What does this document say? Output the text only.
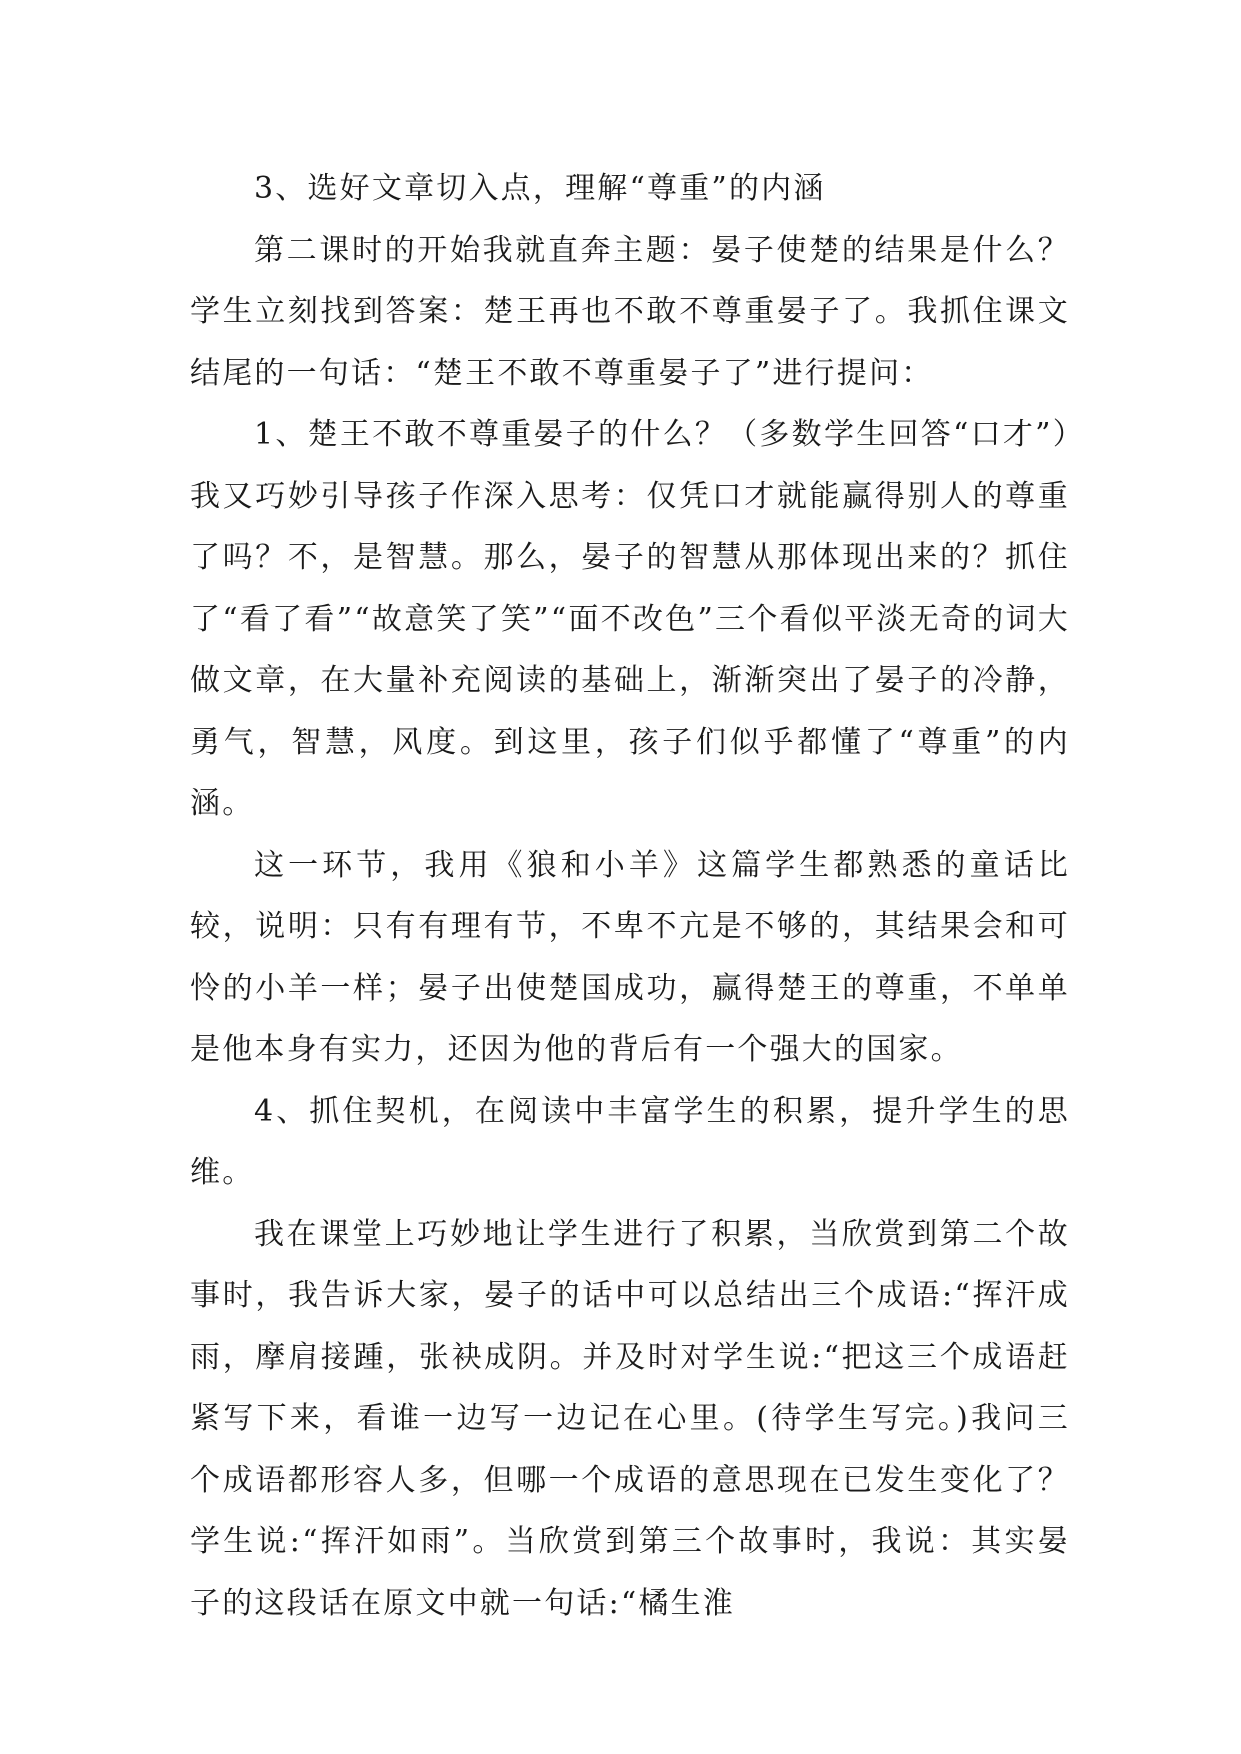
3、选好文章切入点，理解“尊重”的内涵

第二课时的开始我就直奔主题：晏子使楚的结果是什么？学生立刻找到答案：楚王再也不敢不尊重晏子了。我抓住课文结尾的一句话：“楚王不敢不尊重晏子了”进行提问：

1、楚王不敢不尊重晏子的什么？（多数学生回答“口才”）我又巧妙引导孩子作深入思考：仅凭口才就能赢得别人的尊重了吗？不，是智慧。那么，晏子的智慧从那体现出来的？抓住了“看了看”“故意笑了笑”“面不改色”三个看似平淡无奇的词大做文章，在大量补充阅读的基础上，渐渐突出了晏子的冷静，勇气，智慧，风度。到这里，孩子们似乎都懂了“尊重”的内涵。

这一环节，我用《狼和小羊》这篇学生都熟悉的童话比较，说明：只有有理有节，不卑不亢是不够的，其结果会和可怜的小羊一样；晏子出使楚国成功，赢得楚王的尊重，不单单是他本身有实力，还因为他的背后有一个强大的国家。

4、抓住契机，在阅读中丰富学生的积累，提升学生的思维。

我在课堂上巧妙地让学生进行了积累，当欣赏到第二个故事时，我告诉大家，晏子的话中可以总结出三个成语:“挥汗成雨，摩肩接踵，张袂成阴。并及时对学生说:“把这三个成语赶紧写下来，看谁一边写一边记在心里。(待学生写完。)我问三个成语都形容人多，但哪一个成语的意思现在已发生变化了？学生说:“挥汗如雨”。当欣赏到第三个故事时，我说：其实晏子的这段话在原文中就一句话:“橘生淮
